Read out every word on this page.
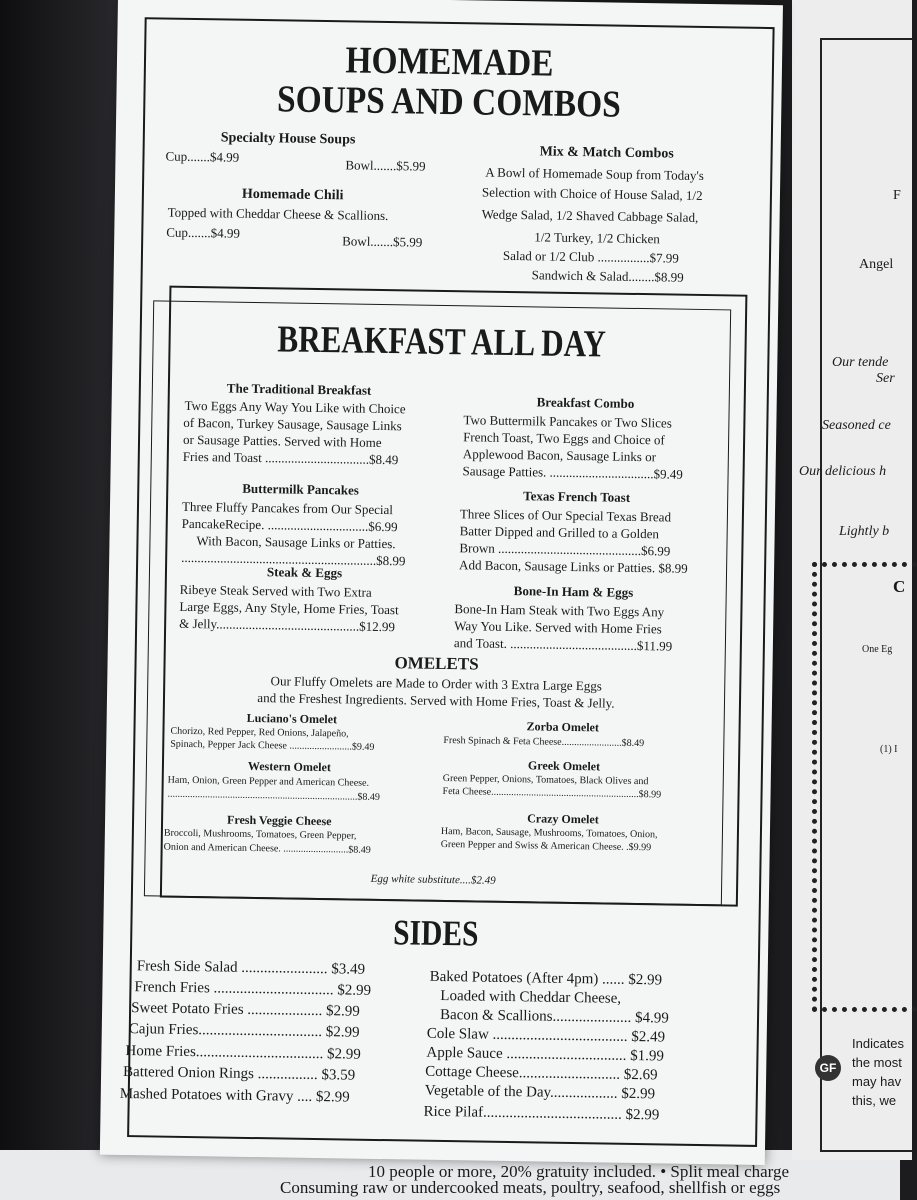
F
Angel
Our tende
Ser
Seasoned ce
Our delicious h
Lightly b
C
One Eg
(1) I
Indicates
the most
may hav
this, we
GF
HOMEMADE
SOUPS AND COMBOS
Specialty House Soups
Cup.......$4.99
Bowl.......$5.99
Homemade Chili
Topped with Cheddar Cheese & Scallions.
Cup.......$4.99
Bowl.......$5.99
Mix & Match Combos
A Bowl of Homemade Soup from Today's
Selection with Choice of House Salad, 1/2
Wedge Salad, 1/2 Shaved Cabbage Salad,
1/2 Turkey, 1/2 Chicken
Salad or 1/2 Club ................$7.99
Sandwich & Salad........$8.99
BREAKFAST ALL DAY
The Traditional Breakfast
Two Eggs Any Way You Like with Choice
of Bacon, Turkey Sausage, Sausage Links
or Sausage Patties. Served with Home
Fries and Toast ................................$8.49
Breakfast Combo
Two Buttermilk Pancakes or Two Slices
French Toast, Two Eggs and Choice of
Applewood Bacon, Sausage Links or
Sausage Patties. ................................$9.49
Buttermilk Pancakes
Three Fluffy Pancakes from Our Special
PancakeRecipe. ...............................$6.99
With Bacon, Sausage Links or Patties.
............................................................$8.99
Texas French Toast
Three Slices of Our Special Texas Bread
Batter Dipped and Grilled to a Golden
Brown ............................................$6.99
Add Bacon, Sausage Links or Patties. $8.99
Steak & Eggs
Ribeye Steak Served with Two Extra
Large Eggs, Any Style, Home Fries, Toast
& Jelly............................................$12.99
Bone-In Ham & Eggs
Bone-In Ham Steak with Two Eggs Any
Way You Like. Served with Home Fries
and Toast. .......................................$11.99
OMELETS
Our Fluffy Omelets are Made to Order with 3 Extra Large Eggs
and the Freshest Ingredients. Served with Home Fries, Toast & Jelly.
Luciano's Omelet
Chorizo, Red Pepper, Red Onions, Jalapeño,
Spinach, Pepper Jack Cheese .........................$9.49
Zorba Omelet
Fresh Spinach & Feta Cheese........................$8.49
Western Omelet
Ham, Onion, Green Pepper and American Cheese.
............................................................................$8.49
Greek Omelet
Green Pepper, Onions, Tomatoes, Black Olives and
Feta Cheese...........................................................$8.99
Fresh Veggie Cheese
Broccoli, Mushrooms, Tomatoes, Green Pepper,
Onion and American Cheese. ..........................$8.49
Crazy Omelet
Ham, Bacon, Sausage, Mushrooms, Tomatoes, Onion,
Green Pepper and Swiss & American Cheese. .$9.99
Egg white substitute....$2.49
SIDES
Fresh Side Salad ....................... $3.49
French Fries ................................ $2.99
Sweet Potato Fries .................... $2.99
Cajun Fries................................. $2.99
Home Fries.................................. $2.99
Battered Onion Rings ................ $3.59
Mashed Potatoes with Gravy .... $2.99
Baked Potatoes (After 4pm) ...... $2.99
Loaded with Cheddar Cheese,
Bacon & Scallions..................... $4.99
Cole Slaw .................................... $2.49
Apple Sauce ................................ $1.99
Cottage Cheese........................... $2.69
Vegetable of the Day.................. $2.99
Rice Pilaf..................................... $2.99
10 people or more, 20% gratuity included. • Split meal charge
Consuming raw or undercooked meats, poultry, seafood, shellfish or eggs
